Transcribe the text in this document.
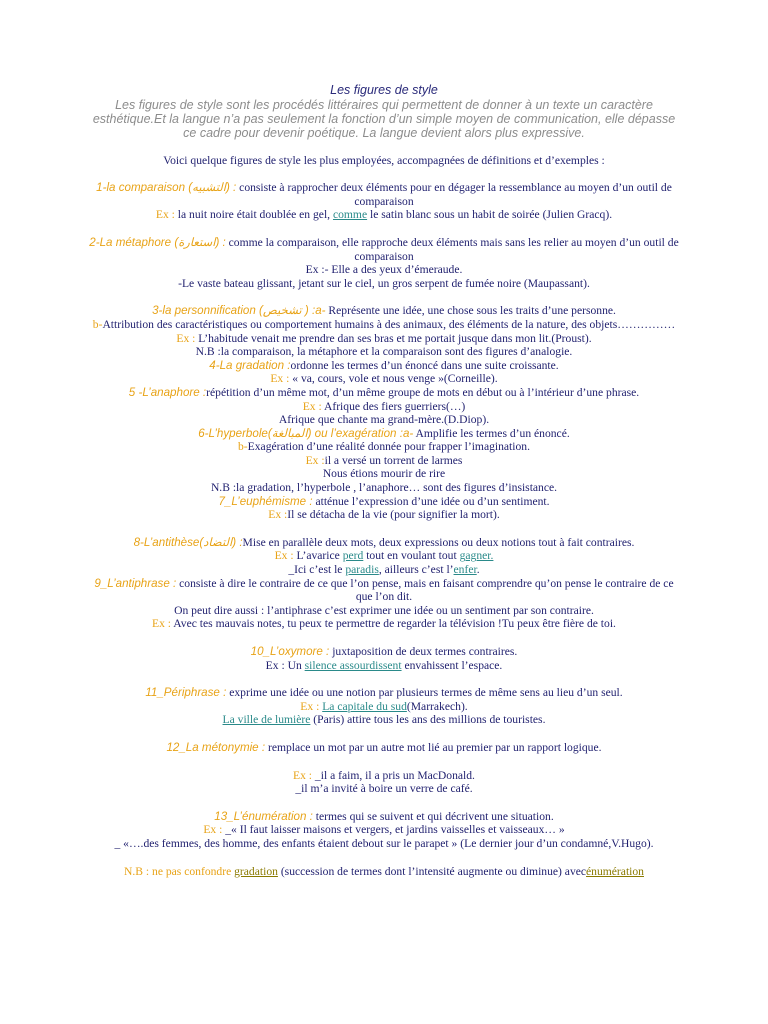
Les figures de style

Les figures de style sont les procédés littéraires qui permettent de donner à un texte un caractère esthétique.Et la langue n’a pas seulement la fonction d’un simple moyen de communication, elle dépasse ce cadre pour devenir poétique. La langue devient alors plus expressive.

Voici quelque figures de style les plus employées, accompagnées de définitions et d’exemples :

1-la comparaison (التشبيه) : consiste à rapprocher deux éléments pour en dégager la ressemblance au moyen d’un outil de comparaison

Ex : la nuit noire était doublée en gel, comme le satin blanc sous un habit de soirée (Julien Gracq).

2-La métaphore (استعارة) : comme la comparaison, elle rapproche deux éléments mais sans les relier au moyen d’un outil de comparaison

Ex :- Elle a des yeux d’émeraude.

-Le vaste bateau glissant, jetant sur le ciel, un gros serpent de fumée noire (Maupassant).

3-la personnification (تشخيص ) :a- Représente une idée, une chose sous les traits d’une personne.

b-Attribution des caractéristiques ou comportement humains à des animaux, des éléments de la nature, des objets……………

Ex : L’habitude venait me prendre dan ses bras et me portait jusque dans mon lit.(Proust).

N.B :la comparaison, la métaphore et la comparaison sont des figures d’analogie.

4-La gradation :ordonne les termes d’un énoncé dans une suite croissante.

Ex : « va, cours, vole et nous venge »(Corneille).

5 -L’anaphore :répétition d’un même mot, d’un même groupe de mots en début ou à l’intérieur d’une phrase.

Ex : Afrique des fiers guerriers(…)

Afrique que chante ma grand-mère.(D.Diop).

6-L’hyperbole(المبالغة) ou l’exagération :a- Amplifie les termes d’un énoncé.

b-Exagération d’une réalité donnée pour frapper l’imagination.

Ex :il a versé un torrent de larmes

Nous étions mourir de rire

N.B :la gradation, l’hyperbole , l’anaphore… sont des figures d’insistance.

7_L’euphémisme : atténue l’expression d’une idée ou d’un sentiment.

Ex :Il se détacha de la vie (pour signifier la mort).

8-L’antithèse(التضاد) :Mise en parallèle deux mots, deux expressions ou deux notions tout à fait contraires.

Ex : L’avarice perd tout en voulant tout gagner.

_Ici c’est le paradis, ailleurs c’est l’enfer.

9_L’antiphrase : consiste à dire le contraire de ce que l’on pense, mais en faisant comprendre qu’on pense le contraire de ce que l’on dit.

On peut dire aussi : l’antiphrase c’est exprimer une idée ou un sentiment par son contraire.

Ex : Avec tes mauvais notes, tu peux te permettre de regarder la télévision !Tu peux être fière de toi.

10_L’oxymore : juxtaposition de deux termes contraires.

Ex : Un silence assourdissent envahissent l’espace.

11_Périphrase : exprime une idée ou une notion par plusieurs termes de même sens au lieu d’un seul.

Ex : La capitale du sud(Marrakech).

La ville de lumière (Paris) attire tous les ans des millions de touristes.

12_La métonymie : remplace un mot par un autre mot lié au premier par un rapport logique.

Ex : _il a faim, il a pris un MacDonald.

_il m’a invité à boire un verre de café.

13_L’énumération : termes qui se suivent et qui décrivent une situation.

Ex : _« Il faut laisser maisons et vergers, et jardins vaisselles et vaisseaux… »

_ «….des femmes, des homme, des enfants étaient debout sur le parapet » (Le dernier jour d’un condamné,V.Hugo).

N.B : ne pas confondre gradation (succession de termes dont l’intensité augmente ou diminue) avecénumération
